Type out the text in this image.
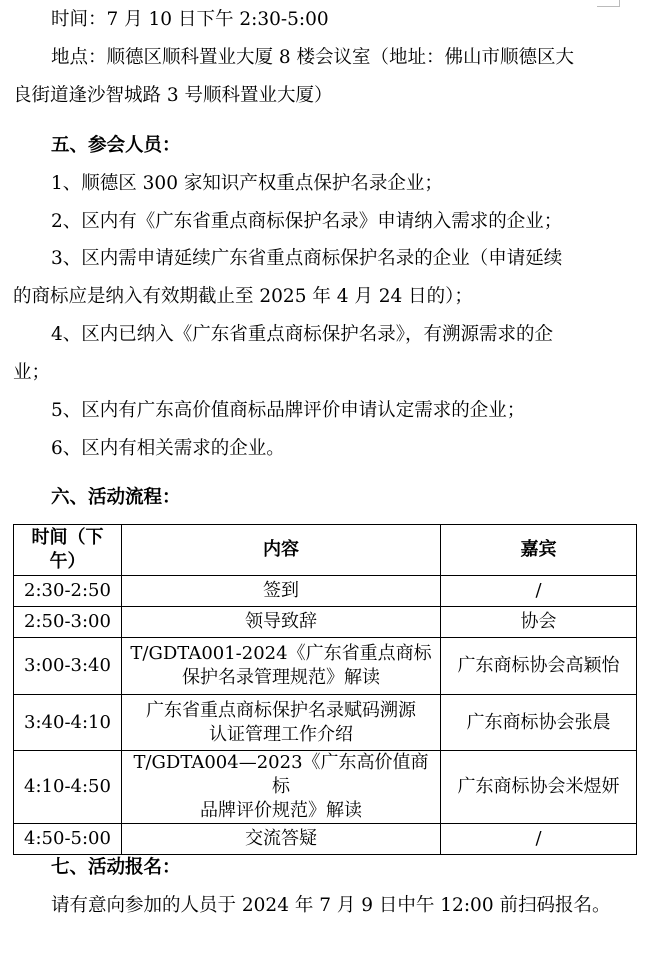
时间：7 月 10 日下午 2:30-5:00
地点：顺德区顺科置业大厦 8 楼会议室（地址：佛山市顺德区大
良街道逢沙智城路 3 号顺科置业大厦）
五、参会人员：
1、顺德区 300 家知识产权重点保护名录企业；
2、区内有《广东省重点商标保护名录》申请纳入需求的企业；
3、区内需申请延续广东省重点商标保护名录的企业（申请延续
的商标应是纳入有效期截止至 2025 年 4 月 24 日的）；
4、区内已纳入《广东省重点商标保护名录》，有溯源需求的企
业；
5、区内有广东高价值商标品牌评价申请认定需求的企业；
6、区内有相关需求的企业。
六、活动流程：
时间（下
午）	内容	嘉宾
2:30-2:50	签到	/
2:50-3:00	领导致辞	协会
3:00-3:40	T/GDTA001-2024《广东省重点商标
保护名录管理规范》解读	广东商标协会高颖怡
3:40-4:10	广东省重点商标保护名录赋码溯源
认证管理工作介绍	广东商标协会张晨
4:10-4:50	T/GDTA004—2023《广东高价值商标
品牌评价规范》解读	广东商标协会米煜妍
4:50-5:00	交流答疑	/
七、活动报名：
请有意向参加的人员于 2024 年 7 月 9 日中午 12:00 前扫码报名。
